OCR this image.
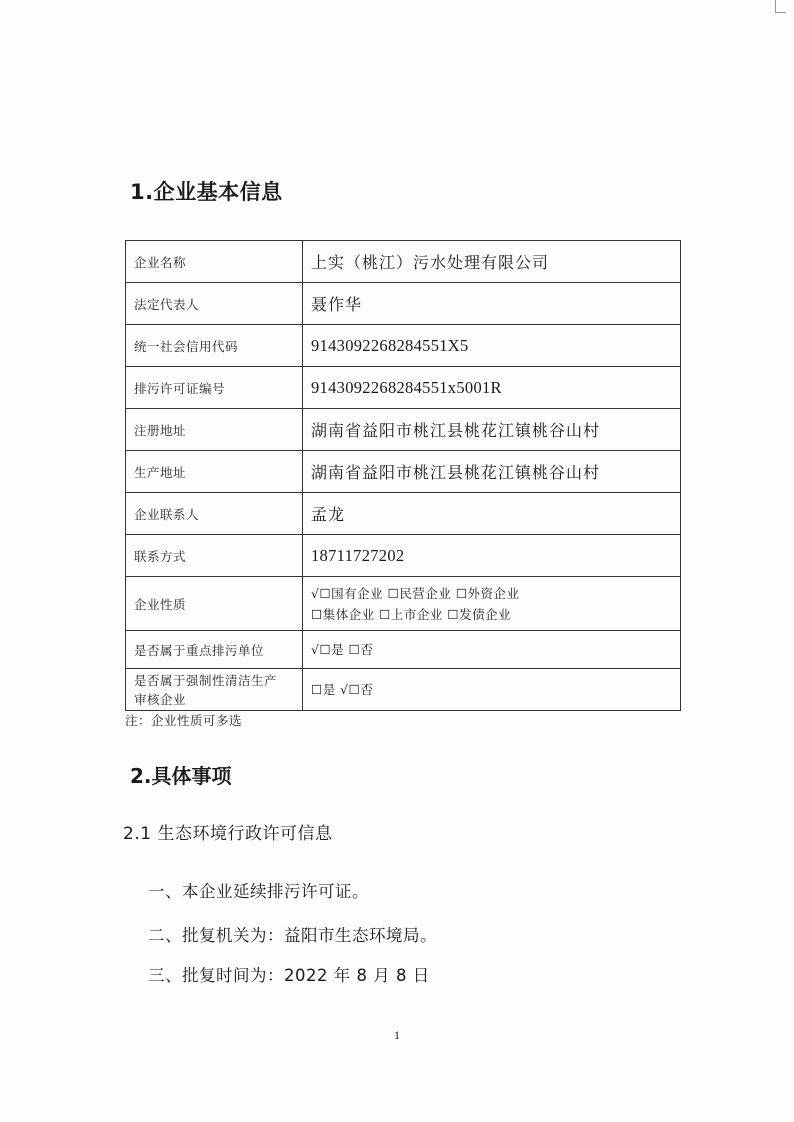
1.企业基本信息
企业名称	上实（桃江）污水处理有限公司
法定代表人	聂作华
统一社会信用代码	9143092268284551X5
排污许可证编号	9143092268284551x5001R
注册地址	湖南省益阳市桃江县桃花江镇桃谷山村
生产地址	湖南省益阳市桃江县桃花江镇桃谷山村
企业联系人	孟龙
联系方式	18711727202
企业性质	√☐国有企业 ☐民营企业 ☐外资企业
☐集体企业 ☐上市企业 ☐发债企业

是否属于重点排污单位	√☐是 ☐否

是否属于强制性清洁生产
审核企业	☐是 √☐否
注：企业性质可多选
2.具体事项
2.1 生态环境行政许可信息
一、本企业延续排污许可证。
二、批复机关为：益阳市生态环境局。
三、批复时间为：2022 年 8 月 8 日
1
